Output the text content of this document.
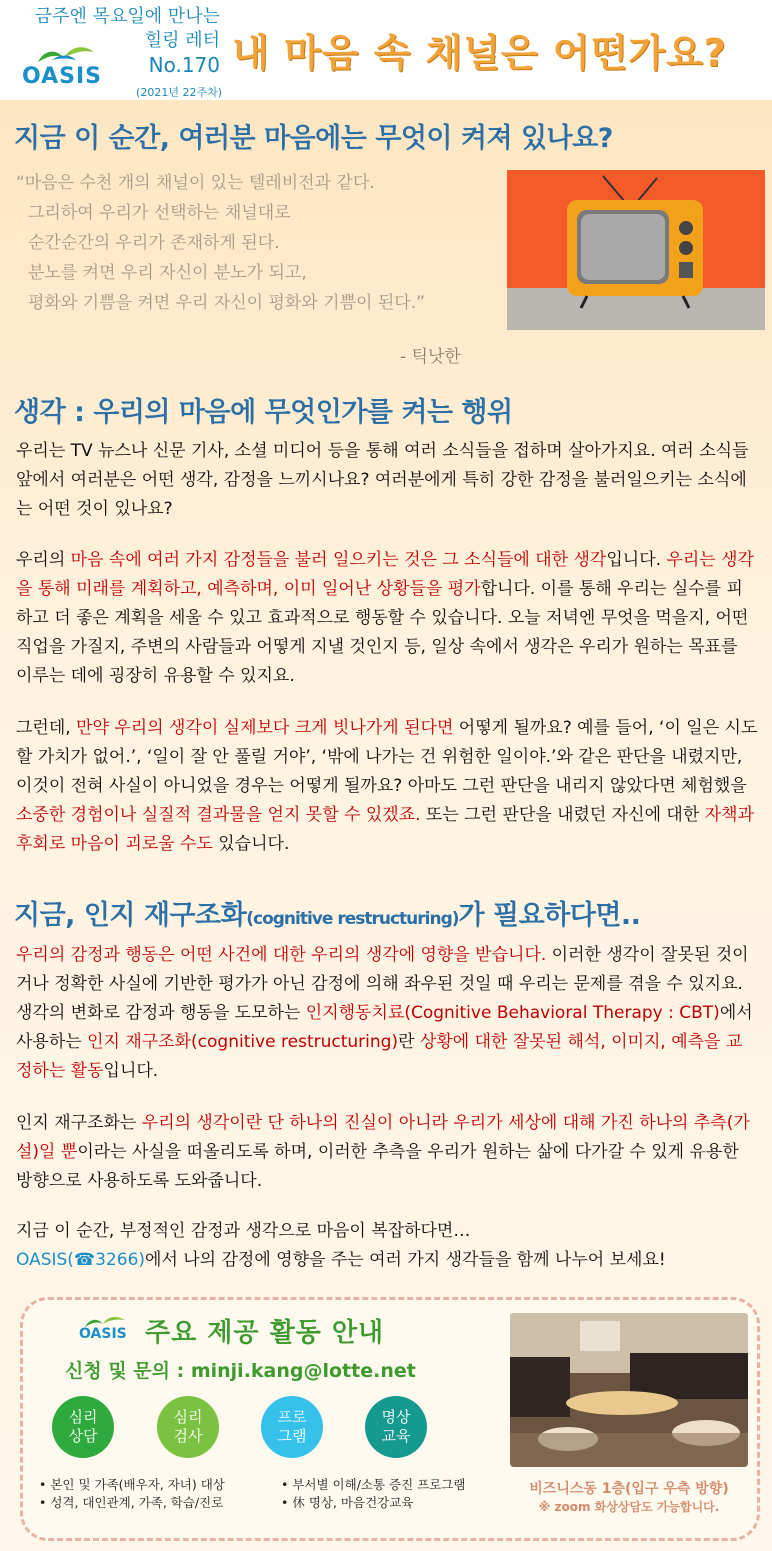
금주엔 목요일에 만나는
힐링 레터
No.170
(2021년 22주차)
OASIS
내 마음 속 채널은 어떤가요?
지금 이 순간, 여러분 마음에는 무엇이 켜져 있나요?
“마음은 수천 개의 채널이 있는 텔레비전과 같다.
그리하여 우리가 선택하는 채널대로
순간순간의 우리가 존재하게 된다.
분노를 켜면 우리 자신이 분노가 되고,
평화와 기쁨을 켜면 우리 자신이 평화와 기쁨이 된다.”
- 틱낫한
생각 : 우리의 마음에 무엇인가를 켜는 행위
우리는 TV 뉴스나 신문 기사, 소셜 미디어 등을 통해 여러 소식들을 접하며 살아가지요. 여러 소식들 앞에서 여러분은 어떤 생각, 감정을 느끼시나요? 여러분에게 특히 강한 감정을 불러일으키는 소식에는 어떤 것이 있나요?
우리의 마음 속에 여러 가지 감정들을 불러 일으키는 것은 그 소식들에 대한 생각입니다. 우리는 생각을 통해 미래를 계획하고, 예측하며, 이미 일어난 상황들을 평가합니다. 이를 통해 우리는 실수를 피하고 더 좋은 계획을 세울 수 있고 효과적으로 행동할 수 있습니다. 오늘 저녁엔 무엇을 먹을지, 어떤 직업을 가질지, 주변의 사람들과 어떻게 지낼 것인지 등, 일상 속에서 생각은 우리가 원하는 목표를 이루는 데에 굉장히 유용할 수 있지요.
그런데, 만약 우리의 생각이 실제보다 크게 빗나가게 된다면 어떻게 될까요? 예를 들어, ‘이 일은 시도할 가치가 없어.’, ‘일이 잘 안 풀릴 거야’, ‘밖에 나가는 건 위험한 일이야.’와 같은 판단을 내렸지만, 이것이 전혀 사실이 아니었을 경우는 어떻게 될까요? 아마도 그런 판단을 내리지 않았다면 체험했을 소중한 경험이나 실질적 결과물을 얻지 못할 수 있겠죠. 또는 그런 판단을 내렸던 자신에 대한 자책과 후회로 마음이 괴로울 수도 있습니다.
지금, 인지 재구조화(cognitive restructuring)가 필요하다면..
우리의 감정과 행동은 어떤 사건에 대한 우리의 생각에 영향을 받습니다. 이러한 생각이 잘못된 것이거나 정확한 사실에 기반한 평가가 아닌 감정에 의해 좌우된 것일 때 우리는 문제를 겪을 수 있지요. 생각의 변화로 감정과 행동을 도모하는 인지행동치료(Cognitive Behavioral Therapy : CBT)에서 사용하는 인지 재구조화(cognitive restructuring)란 상황에 대한 잘못된 해석, 이미지, 예측을 교정하는 활동입니다.
인지 재구조화는 우리의 생각이란 단 하나의 진실이 아니라 우리가 세상에 대해 가진 하나의 추측(가설)일 뿐이라는 사실을 떠올리도록 하며, 이러한 추측을 우리가 원하는 삶에 다가갈 수 있게 유용한 방향으로 사용하도록 도와줍니다.
지금 이 순간, 부정적인 감정과 생각으로 마음이 복잡하다면…
OASIS(☎3266)에서 나의 감정에 영향을 주는 여러 가지 생각들을 함께 나누어 보세요!
OASIS 주요 제공 활동 안내
신청 및 문의 : minji.kang@lotte.net
심리
상담
심리
검사
프로
그램
명상
교육
• 본인 및 가족(배우자, 자녀) 대상
• 성격, 대인관계, 가족, 학습/진로
• 부서별 이해/소통 증진 프로그램
• 休 명상, 마음건강교육
비즈니스동 1층(입구 우측 방향)
※ zoom 화상상담도 가능합니다.
